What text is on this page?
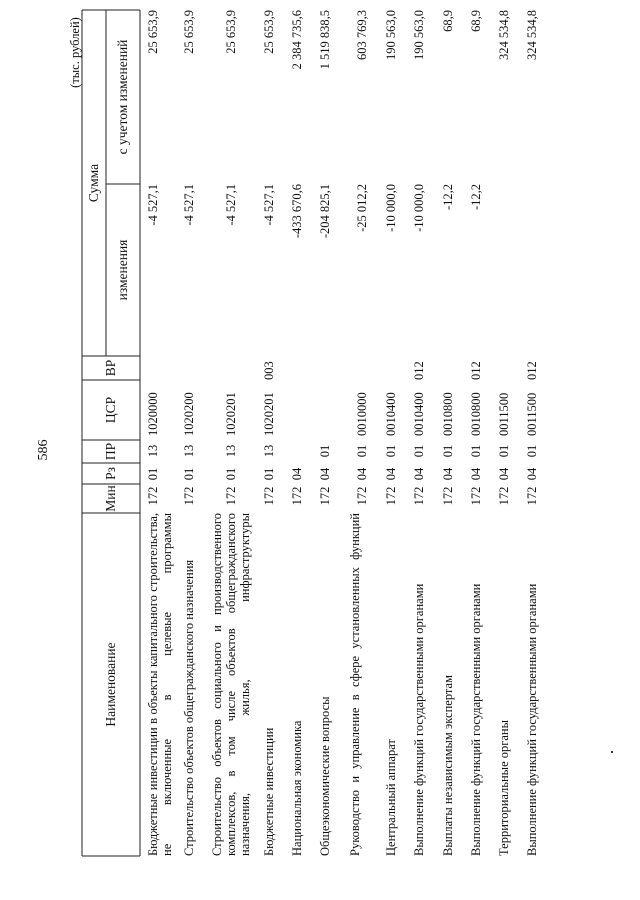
586
(тыс. рублей)
Наименование
Мин
Рз
ПР
ЦСР
ВР
Сумма
изменения
с учетом изменений
Бюджетные инвестиции в объекты капитального строительства, не включенные в целевые программы
172
01
13
1020000
-4 527,1
25 653,9
Строительство объектов общегражданского назначения
172
01
13
1020200
-4 527,1
25 653,9
Строительство объектов социального и производственного комплексов, в том числе объектов общегражданского назначения, жилья, инфраструктуры
172
01
13
1020201
-4 527,1
25 653,9
Бюджетные инвестиции
172
01
13
1020201
003
-4 527,1
25 653,9
Национальная экономика
172
04
-433 670,6
2 384 735,6
Общеэкономические вопросы
172
04
01
-204 825,1
1 519 838,5
Руководство и управление в сфере установленных функций
172
04
01
0010000
-25 012,2
603 769,3
Центральный аппарат
172
04
01
0010400
-10 000,0
190 563,0
Выполнение функций государственными органами
172
04
01
0010400
012
-10 000,0
190 563,0
Выплаты независимым экспертам
172
04
01
0010800
-12,2
68,9
Выполнение функций государственными органами
172
04
01
0010800
012
-12,2
68,9
Территориальные органы
172
04
01
0011500
324 534,8
Выполнение функций государственными органами
172
04
01
0011500
012
324 534,8
